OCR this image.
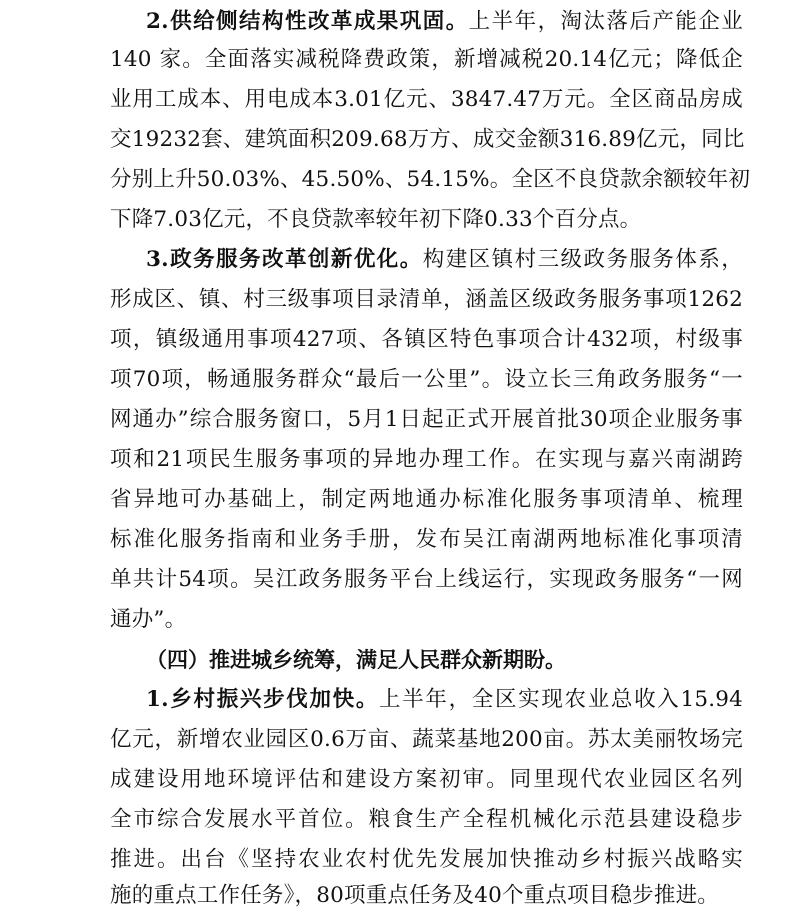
2.供给侧结构性改革成果巩固。上半年，淘汰落后产能企业
140 家。全面落实减税降费政策，新增减税20.14亿元；降低企
业用工成本、用电成本3.01亿元、3847.47万元。全区商品房成
交19232套、建筑面积209.68万方、成交金额316.89亿元，同比
分别上升50.03%、45.50%、54.15%。全区不良贷款余额较年初
下降7.03亿元，不良贷款率较年初下降0.33个百分点。
3.政务服务改革创新优化。构建区镇村三级政务服务体系，
形成区、镇、村三级事项目录清单，涵盖区级政务服务事项1262
项，镇级通用事项427项、各镇区特色事项合计432项，村级事
项70项，畅通服务群众“最后一公里”。设立长三角政务服务“一
网通办”综合服务窗口，5月1日起正式开展首批30项企业服务事
项和21项民生服务事项的异地办理工作。在实现与嘉兴南湖跨
省异地可办基础上，制定两地通办标准化服务事项清单、梳理
标准化服务指南和业务手册，发布吴江南湖两地标准化事项清
单共计54项。吴江政务服务平台上线运行，实现政务服务“一网
通办”。
（四）推进城乡统筹，满足人民群众新期盼。
1.乡村振兴步伐加快。上半年，全区实现农业总收入15.94
亿元，新增农业园区0.6万亩、蔬菜基地200亩。苏太美丽牧场完
成建设用地环境评估和建设方案初审。同里现代农业园区名列
全市综合发展水平首位。粮食生产全程机械化示范县建设稳步
推进。出台《坚持农业农村优先发展加快推动乡村振兴战略实
施的重点工作任务》，80项重点任务及40个重点项目稳步推进。
